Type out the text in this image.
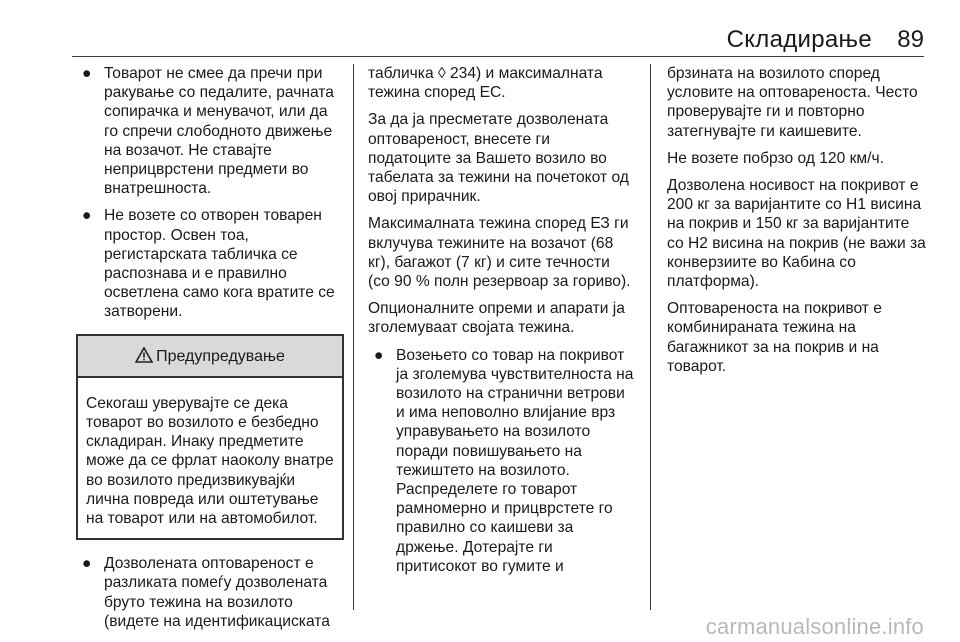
Складирање 89
● Товарот не смее да пречи при ракување со педалите, рачната сопирачка и менувачот, или да го спречи слободното движење на возачот. Не ставајте неприцврстени предмети во внатрешноста.
● Не возете со отворен товарен простор. Освен тоа, регистарската табличка се распознава и е правилно осветлена само кога вратите се затворени.
Предупредување
Секогаш уверувајте се дека товарот во возилото е безбедно складиран. Инаку предметите може да се фрлат наоколу внатре во возилото предизвикувајќи лична повреда или оштетување на товарот или на автомобилот.
● Дозволената оптовареност е разликата помеѓу дозволената бруто тежина на возилото (видете на идентификациската

табличка ◊ 234) и максималната тежина според ЕС.

За да ја пресметате дозволената оптовареност, внесете ги податоците за Вашето возило во табелата за тежини на почетокот од овој прирачник.

Максималната тежина според ЕЗ ги вклучува тежините на возачот (68 кг), багажот (7 кг) и сите течности (со 90 % полн резервоар за гориво).

Опционалните опреми и апарати ја зголемуваат својата тежина.

● Возењето со товар на покривот ја зголемува чувствителноста на возилото на странични ветрови и има неповолно влијание врз управувањето на возилото поради повишувањето на тежиштето на возилото. Распределете го товарот рамномерно и прицврстете го правилно со каишеви за држење. Дотерајте ги притисокот во гумите и

брзината на возилото според условите на оптовареноста. Често проверувајте ги и повторно затегнувајте ги каишевите.

Не возете побрзо од 120 км/ч.

Дозволена носивост на покривот е 200 кг за варијантите со H1 висина на покрив и 150 кг за варијантите со H2 висина на покрив (не важи за конверзиите во Кабина со платформа).

Оптовареноста на покривот е комбинираната тежина на багажникот за на покрив и на товарот.

carmanualsonline.info
